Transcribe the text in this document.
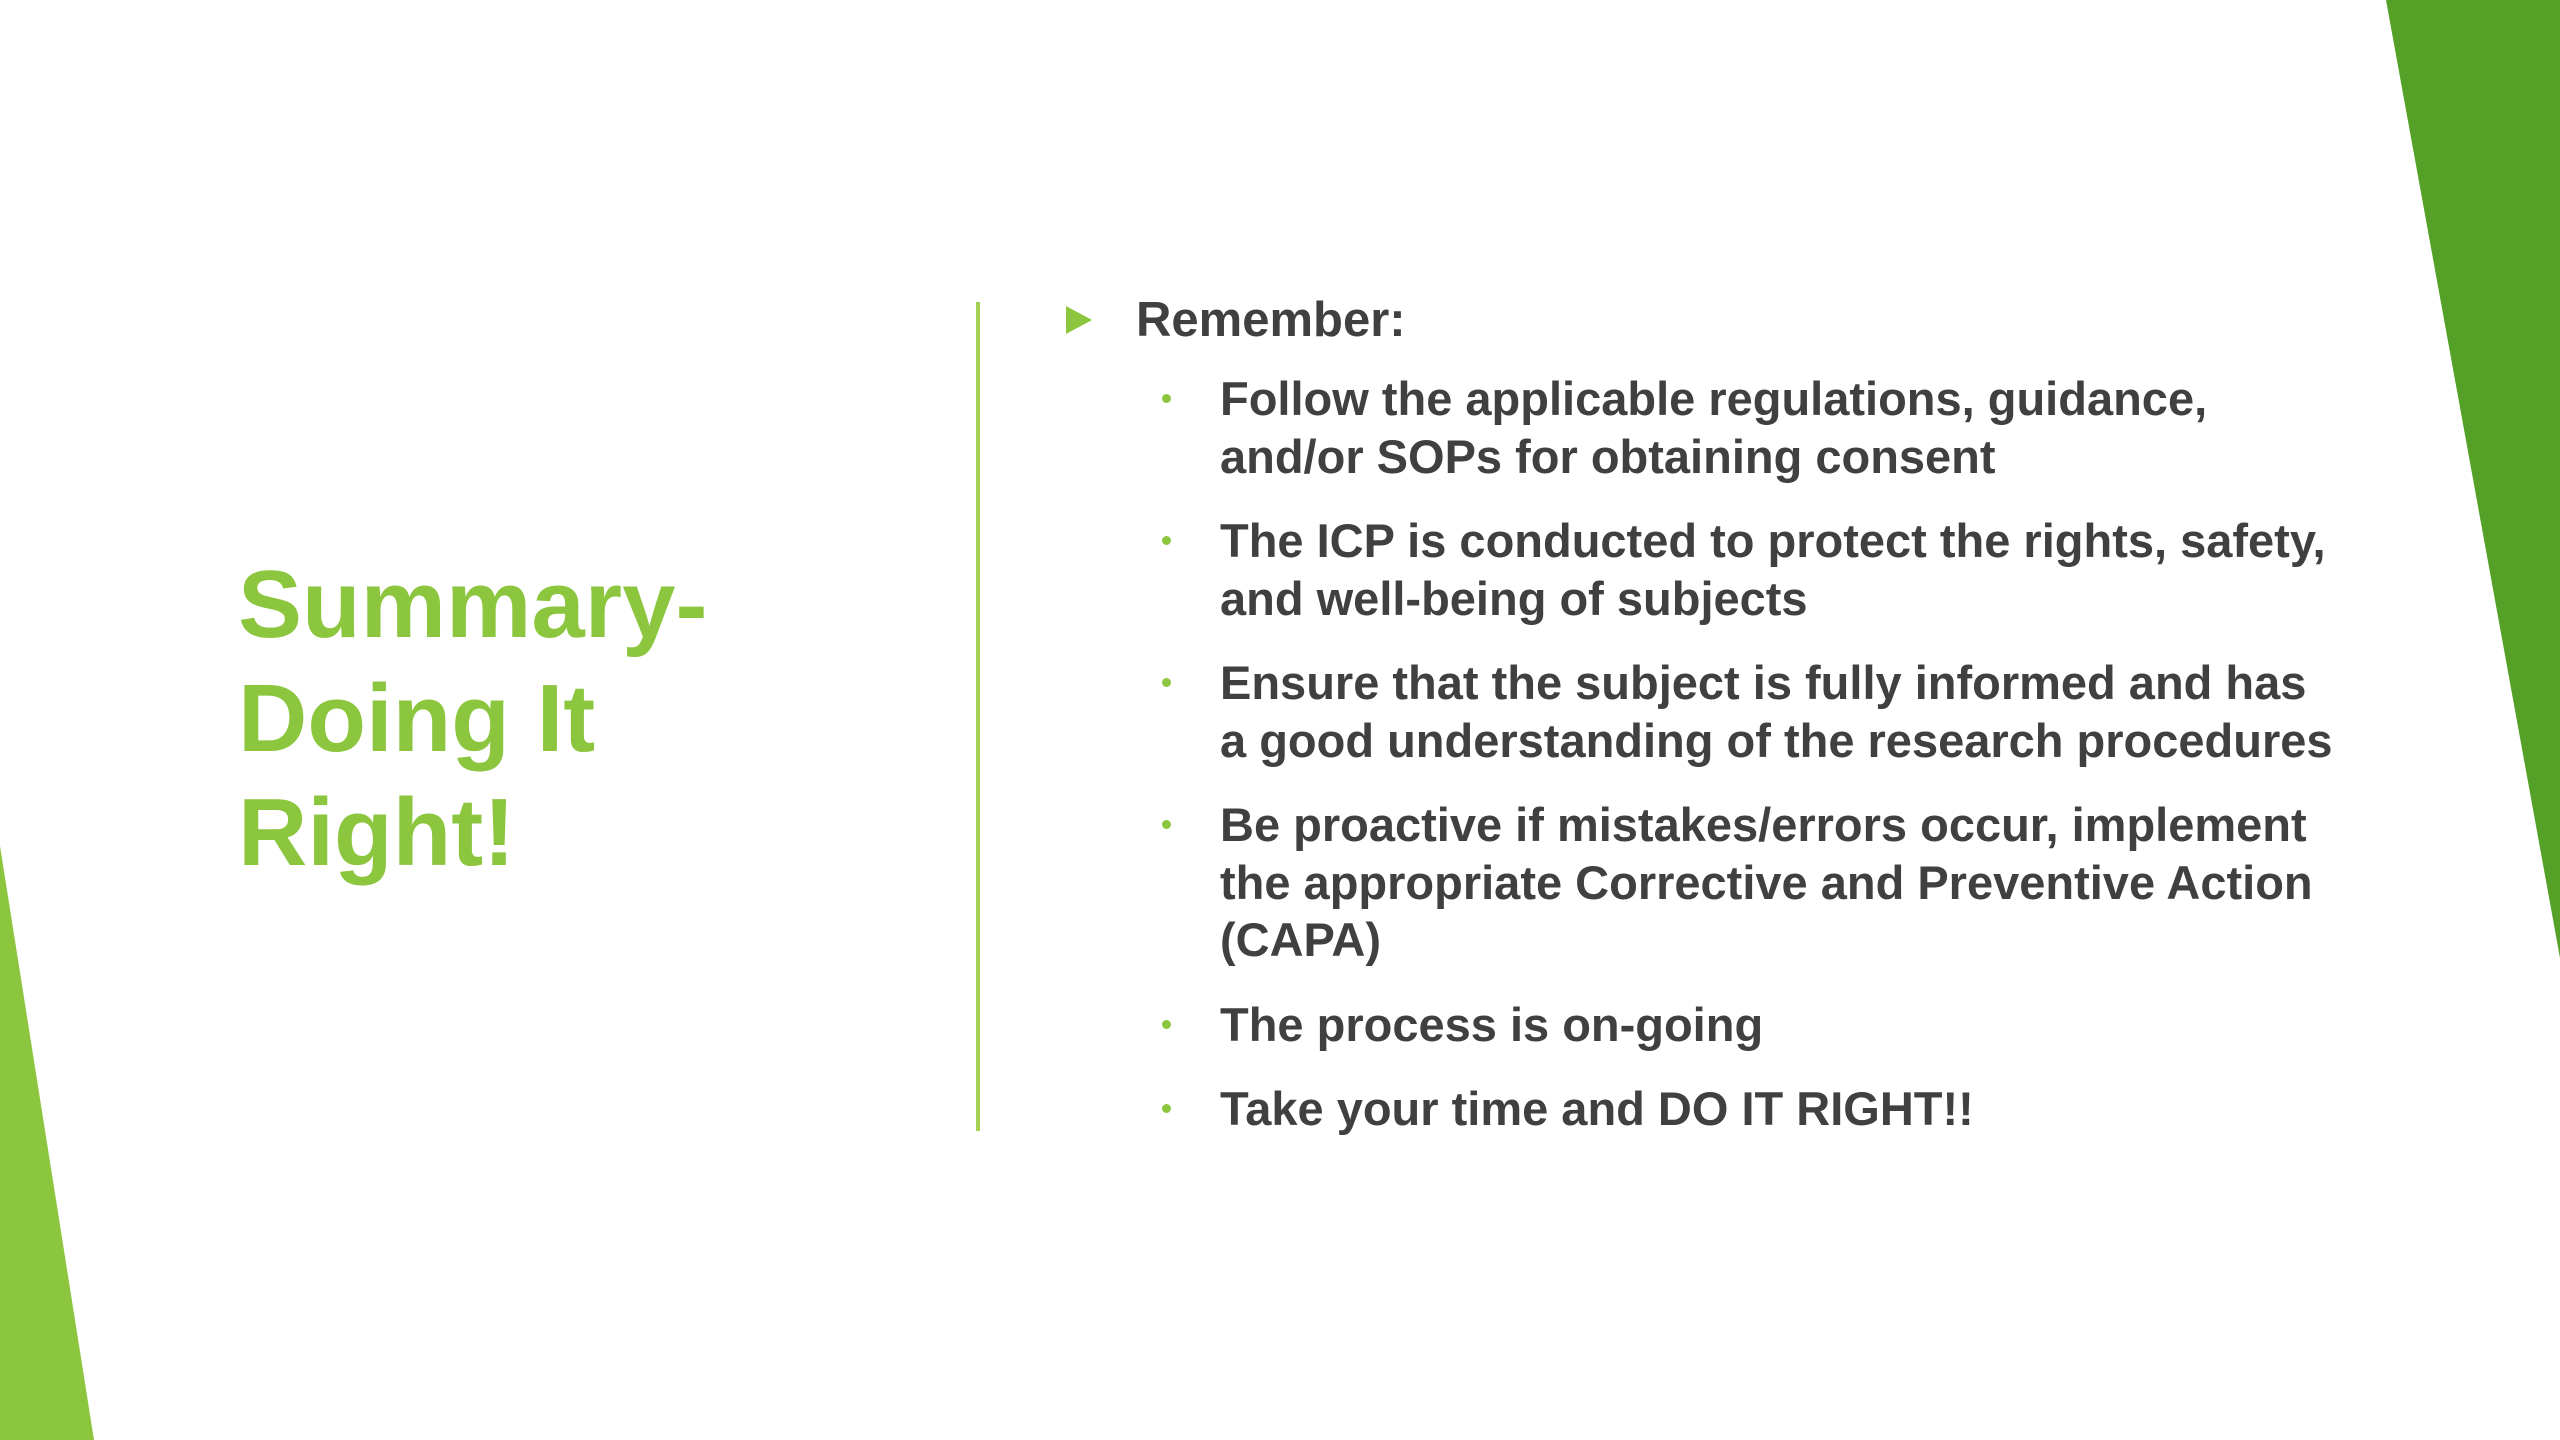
Summary-
Doing It
Right!
Remember:
Follow the applicable regulations, guidance,
and/or SOPs for obtaining consent
The ICP is conducted to protect the rights, safety,
and well-being of subjects
Ensure that the subject is fully informed and has
a good understanding of the research procedures
Be proactive if mistakes/errors occur, implement
the appropriate Corrective and Preventive Action
(CAPA)
The process is on-going
Take your time and DO IT RIGHT!!
